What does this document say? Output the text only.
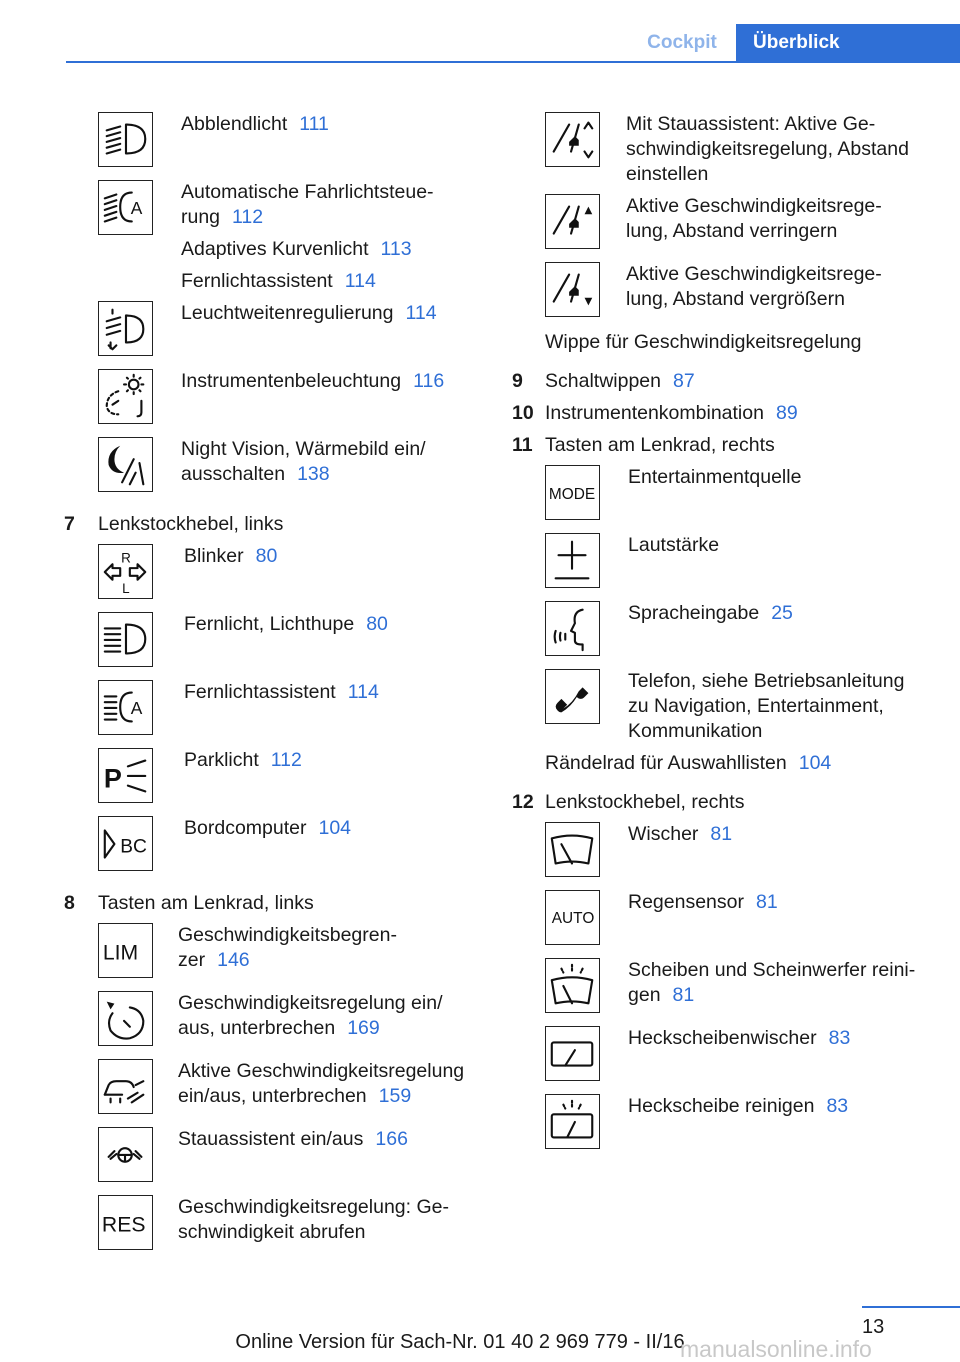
Cockpit	Überblick
Abblendlicht 111
A
Automatische Fahrlichtsteue-
rung 112
Adaptives Kurvenlicht 113
Fernlichtassistent 114
Leuchtweitenregulierung 114
Instrumentenbeleuchtung 116
Night Vision, Wärmebild ein/
ausschalten 138
7 Lenkstockhebel, links
R
L
Blinker 80
Fernlicht, Lichthupe 80
A
Fernlichtassistent 114
P
Parklicht 112
BC
Bordcomputer 104
8 Tasten am Lenkrad, links
LIM
Geschwindigkeitsbegren-
zer 146
Geschwindigkeitsregelung ein/
aus, unterbrechen 169
Aktive Geschwindigkeitsregelung
ein/aus, unterbrechen 159
Stauassistent ein/aus 166
RES
Geschwindigkeitsregelung: Ge-
schwindigkeit abrufen
Mit Stauassistent: Aktive Ge-
schwindigkeitsregelung, Abstand
einstellen
Aktive Geschwindigkeitsrege-
lung, Abstand verringern
Aktive Geschwindigkeitsrege-
lung, Abstand vergrößern
Wippe für Geschwindigkeitsregelung
9 Schaltwippen 87
10 Instrumentenkombination 89
11 Tasten am Lenkrad, rechts
MODE
Entertainmentquelle
Lautstärke
Spracheingabe 25
Telefon, siehe Betriebsanleitung
zu Navigation, Entertainment,
Kommunikation
Rändelrad für Auswahllisten 104
12 Lenkstockhebel, rechts
Wischer 81
AUTO
Regensensor 81
Scheiben und Scheinwerfer reini-
gen 81
Heckscheibenwischer 83
Heckscheibe reinigen 83
13
Online Version für Sach-Nr. 01 40 2 969 779 - II/16
manualsonline.info
